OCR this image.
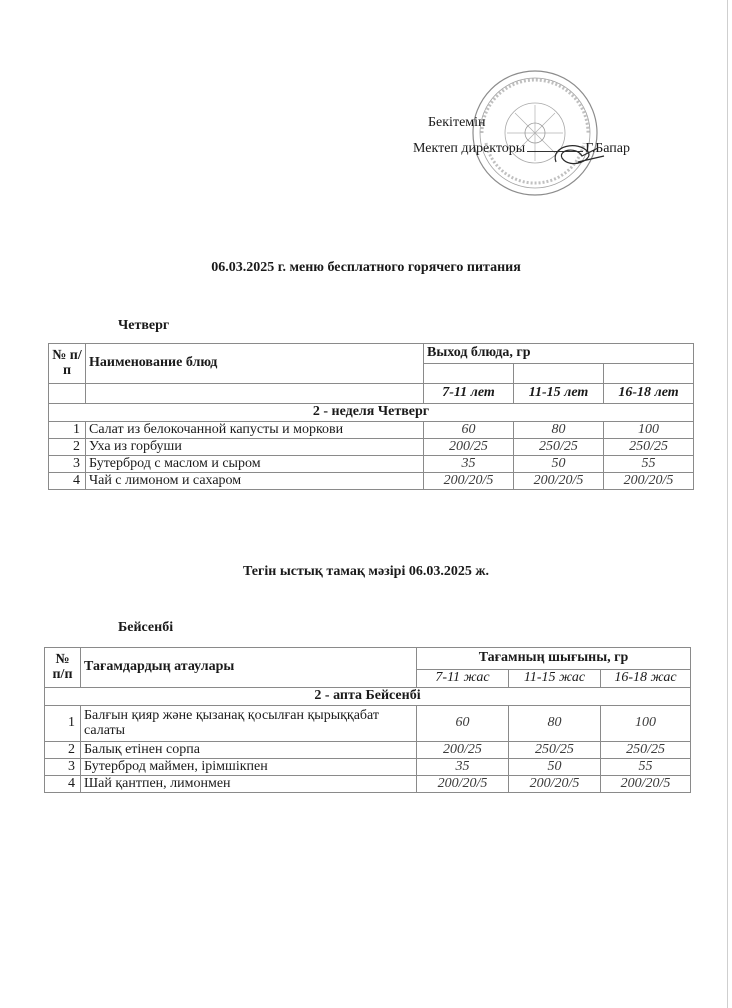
Бекітемін
Мектеп директоры	Г.Бапар
06.03.2025 г. меню бесплатного горячего питания
Четверг
№ п/п	Наименование блюд	Выход блюда, гр		

		7-11 лет	11-15 лет	16-18 лет
2 - неделя Четверг				
1	Салат из белокочанной капусты и моркови	60	80	100
2	Уха из горбуши	200/25	250/25	250/25
3	Бутерброд с маслом и сыром	35	50	55
4	Чай с лимоном и сахаром	200/20/5	200/20/5	200/20/5
Тегін ыстық тамақ мәзірі 06.03.2025 ж.
Бейсенбі
№ п/п	Тағамдардың атаулары	Тағамның шығыны, гр		
		7-11 жас	11-15 жас	16-18 жас
2 - апта Бейсенбі				
1	Балғын қияр және қызанақ қосылған қырыққабат салаты	60	80	100
2	Балық етінен сорпа	200/25	250/25	250/25
3	Бутерброд маймен, ірімшікпен	35	50	55
4	Шай қантпен, лимонмен	200/20/5	200/20/5	200/20/5
